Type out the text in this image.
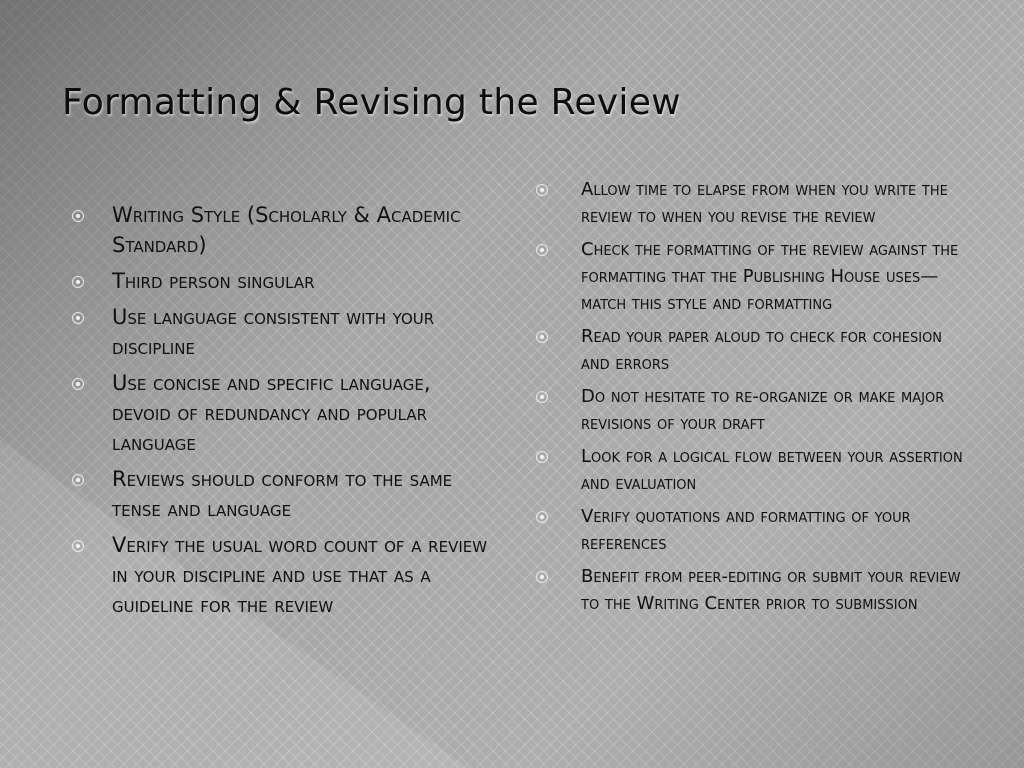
Formatting & Revising the Review
Writing Style (Scholarly & Academic Standard)
Third person singular
Use language consistent with your discipline
Use concise and specific language, devoid of redundancy and popular language
Reviews should conform to the same tense and language
Verify the usual word count of a review in your discipline and use that as a guideline for the review
Allow time to elapse from when you write the review to when you revise the review
Check the formatting of the review against the formatting that the Publishing House uses—match this style and formatting
Read your paper aloud to check for cohesion and errors
Do not hesitate to re-organize or make major revisions of your draft
Look for a logical flow between your assertion and evaluation
Verify quotations and formatting of your references
Benefit from peer-editing or submit your review to the Writing Center prior to submission
